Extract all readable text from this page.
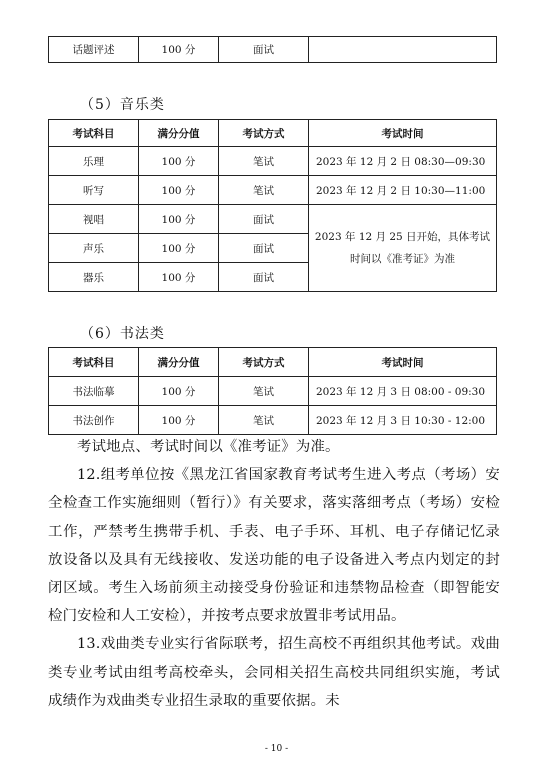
话题评述	100 分	面试	
（5）音乐类
考试科目	满分分值	考试方式	考试时间
乐理	100 分	笔试	2023 年 12 月 2 日 08:30—09:30
听写	100 分	笔试	2023 年 12 月 2 日 10:30—11:00
视唱	100 分	面试	2023 年 12 月 25 日开始，具体考试
时间以《准考证》为准

声乐	100 分	面试	
器乐	100 分	面试	
（6）书法类
考试科目	满分分值	考试方式	考试时间
书法临摹	100 分	笔试	2023 年 12 月 3 日 08:00 - 09:30
书法创作	100 分	笔试	2023 年 12 月 3 日 10:30 - 12:00

考试地点、考试时间以《准考证》为准。

12.组考单位按《黑龙江省国家教育考试考生进入考点（考场）安全检查工作实施细则（暂行）》有关要求，落实落细考点（考场）安检工作，严禁考生携带手机、手表、电子手环、耳机、电子存储记忆录放设备以及具有无线接收、发送功能的电子设备进入考点内划定的封闭区域。考生入场前须主动接受身份验证和违禁物品检查（即智能安检门安检和人工安检），并按考点要求放置非考试用品。

13.戏曲类专业实行省际联考，招生高校不再组织其他考试。戏曲类专业考试由组考高校牵头，会同相关招生高校共同组织实施，考试成绩作为戏曲类专业招生录取的重要依据。未

- 10 -
